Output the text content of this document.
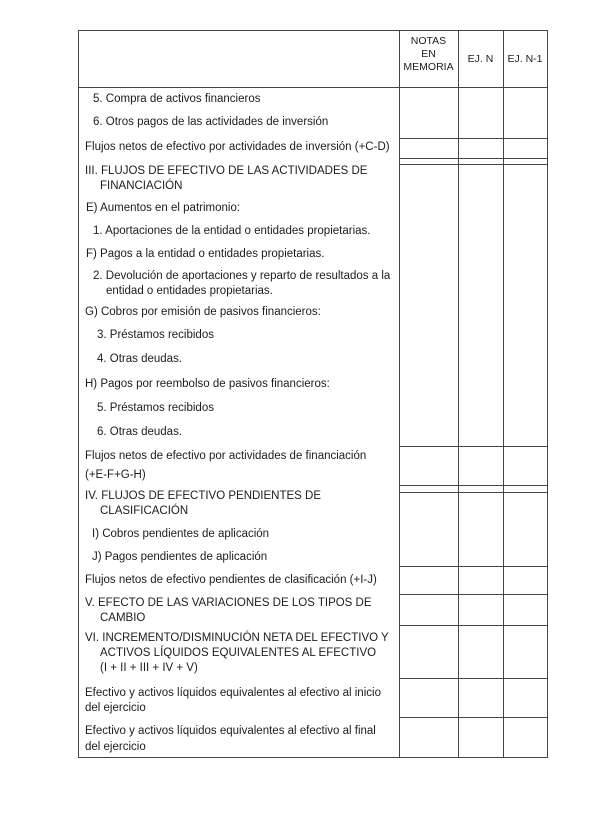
NOTAS
EN
MEMORIA
EJ. N	EJ. N-1
5. Compra de activos financieros
6. Otros pagos de las actividades de inversión
Flujos netos de efectivo por actividades de inversión (+C-D)
III. FLUJOS DE EFECTIVO DE LAS ACTIVIDADES DE
FINANCIACIÓN
E) Aumentos en el patrimonio:
1. Aportaciones de la entidad o entidades propietarias.
F) Pagos a la entidad o entidades propietarias.
2. Devolución de aportaciones y reparto de resultados a la
entidad o entidades propietarias.
G) Cobros por emisión de pasivos financieros:
3. Préstamos recibidos
4. Otras deudas.
H) Pagos por reembolso de pasivos financieros:
5. Préstamos recibidos
6. Otras deudas.
Flujos netos de efectivo por actividades de financiación
(+E-F+G-H)
IV. FLUJOS DE EFECTIVO PENDIENTES DE
CLASIFICACIÓN
I) Cobros pendientes de aplicación
J) Pagos pendientes de aplicación
Flujos netos de efectivo pendientes de clasificación (+I-J)
V. EFECTO DE LAS VARIACIONES DE LOS TIPOS DE
CAMBIO
VI. INCREMENTO/DISMINUCIÓN NETA DEL EFECTIVO Y
ACTIVOS LÍQUIDOS EQUIVALENTES AL EFECTIVO
(I + II + III + IV + V)
Efectivo y activos líquidos equivalentes al efectivo al inicio
del ejercicio
Efectivo y activos líquidos equivalentes al efectivo al final
del ejercicio
